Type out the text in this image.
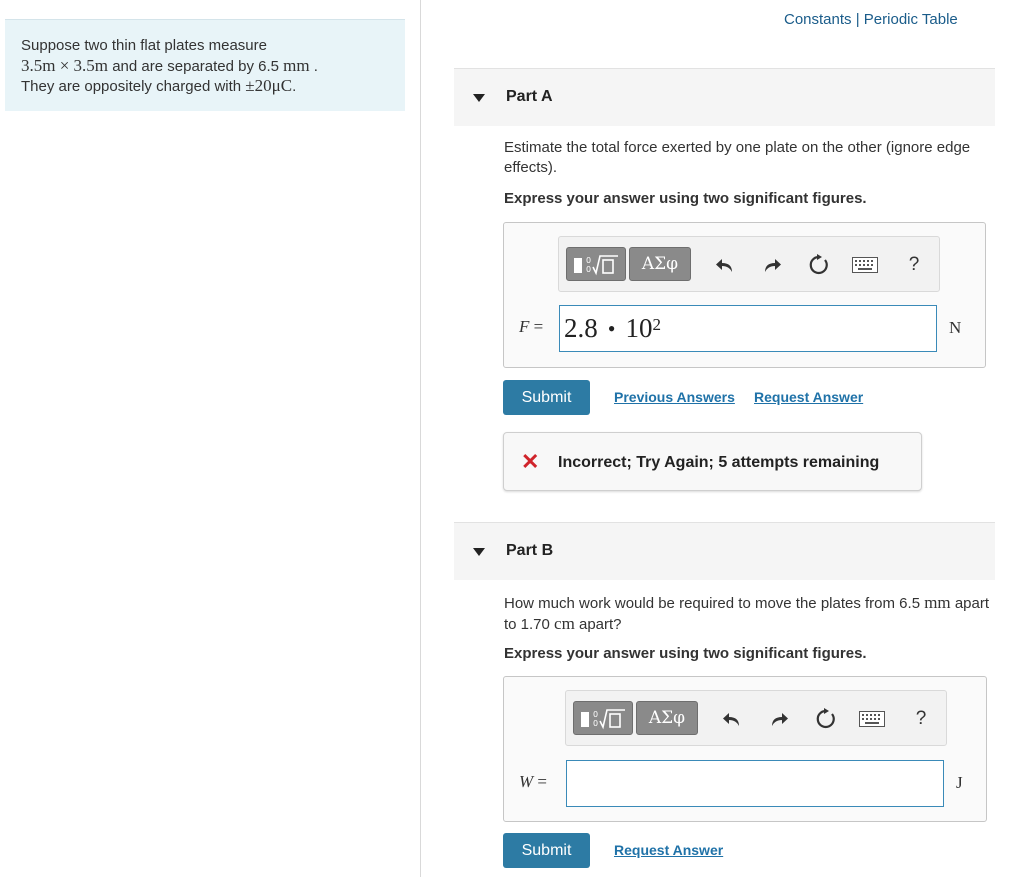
Suppose two thin flat plates measure
3.5m × 3.5m and are separated by 6.5 mm .
They are oppositely charged with ±20μC.
Constants | Periodic Table
Part A
Estimate the total force exerted by one plate on the other (ignore edge effects).
Express your answer using two significant figures.
0
0	ΑΣφ	?
F = 2.8 • $10^2$	N
Submit	Previous Answers Request Answer
✕ Incorrect; Try Again; 5 attempts remaining
Part B
How much work would be required to move the plates from 6.5 mm apart to 1.70 cm apart?
Express your answer using two significant figures.
0
0	ΑΣφ	?
W =	J
Submit	Request Answer
